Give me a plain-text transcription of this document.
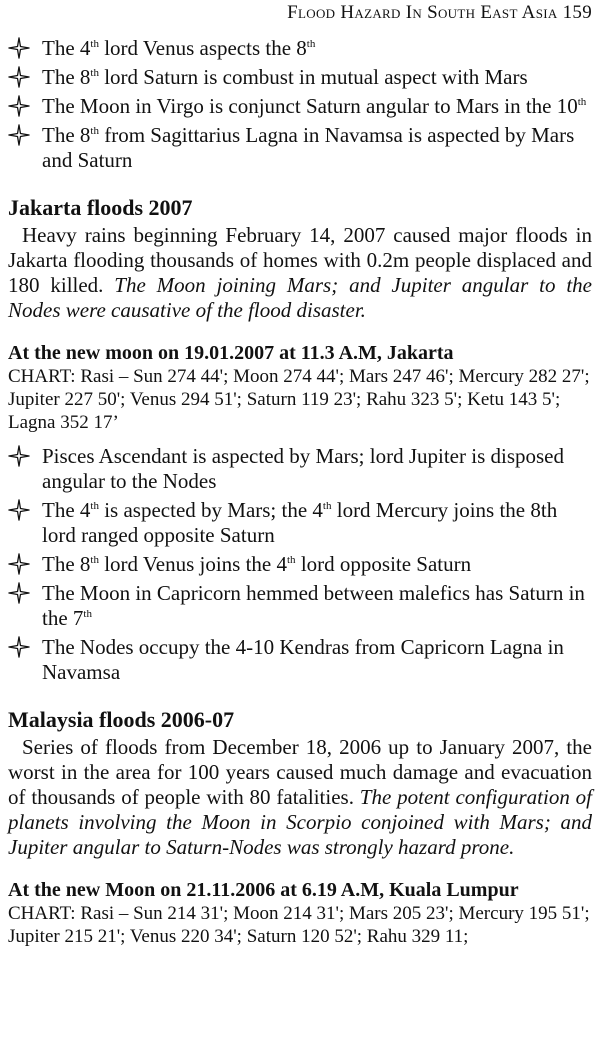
Flood Hazard In South East Asia 159
The 4th lord Venus aspects the 8th
The 8th lord Saturn is combust in mutual aspect with Mars
The Moon in Virgo is conjunct Saturn angular to Mars in the 10th
The 8th from Sagittarius Lagna in Navamsa is aspected by Mars and Saturn
Jakarta floods 2007

Heavy rains beginning February 14, 2007 caused major floods in Jakarta flooding thousands of homes with 0.2m people displaced and 180 killed. The Moon joining Mars; and Jupiter angular to the Nodes were causative of the flood disaster.

At the new moon on 19.01.2007 at 11.3 A.M, Jakarta

CHART: Rasi – Sun 274 44'; Moon 274 44'; Mars 247 46'; Mercury 282 27'; Jupiter 227 50'; Venus 294 51'; Saturn 119 23'; Rahu 323 5'; Ketu 143 5'; Lagna 352 17’

Pisces Ascendant is aspected by Mars; lord Jupiter is disposed angular to the Nodes
The 4th is aspected by Mars; the 4th lord Mercury joins the 8th lord ranged opposite Saturn
The 8th lord Venus joins the 4th lord opposite Saturn
The Moon in Capricorn hemmed between malefics has Saturn in the 7th
The Nodes occupy the 4-10 Kendras from Capricorn Lagna in Navamsa
Malaysia floods 2006-07

Series of floods from December 18, 2006 up to January 2007, the worst in the area for 100 years caused much damage and evacuation of thousands of people with 80 fatalities. The potent configuration of planets involving the Moon in Scorpio conjoined with Mars; and Jupiter angular to Saturn-Nodes was strongly hazard prone.

At the new Moon on 21.11.2006 at 6.19 A.M, Kuala Lumpur

CHART: Rasi – Sun 214 31'; Moon 214 31'; Mars 205 23'; Mercury 195 51'; Jupiter 215 21'; Venus 220 34'; Saturn 120 52'; Rahu 329 11;
